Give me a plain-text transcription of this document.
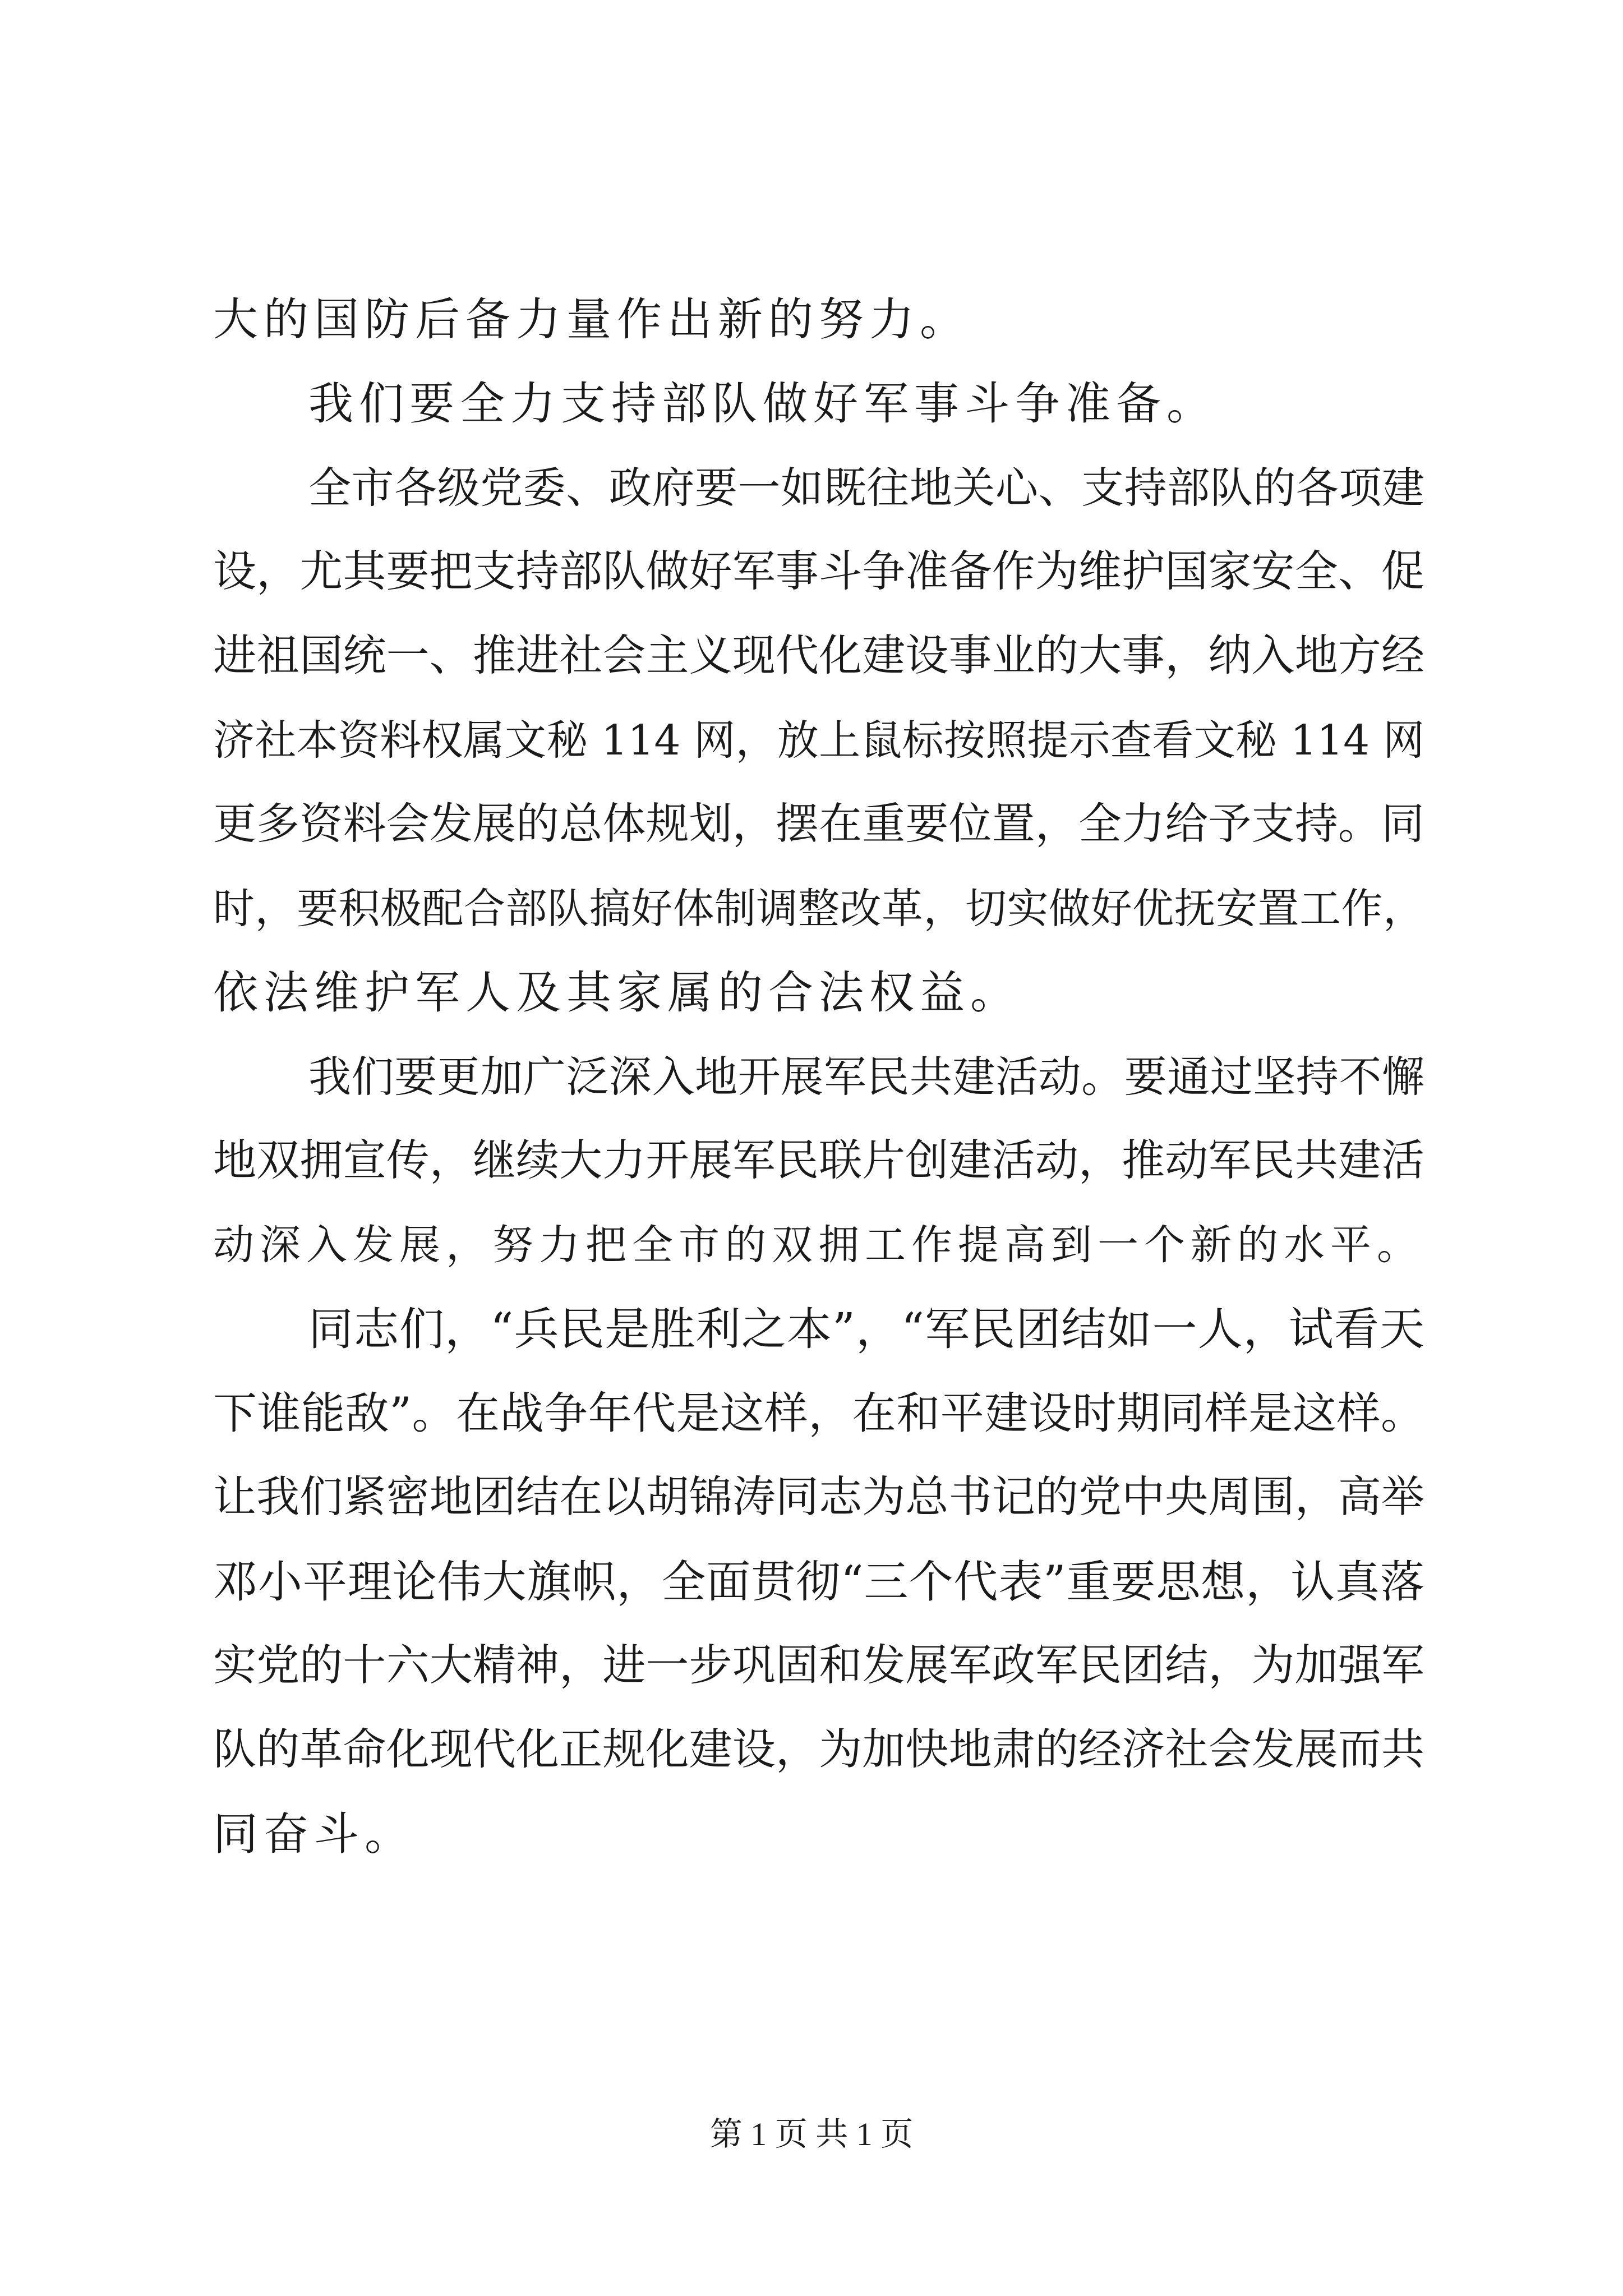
大的国防后备力量作出新的努力。
我们要全力支持部队做好军事斗争准备。
全市各级党委、政府要一如既往地关心、支持部队的各项建
设，尤其要把支持部队做好军事斗争准备作为维护国家安全、促
进祖国统一、推进社会主义现代化建设事业的大事，纳入地方经
济社本资料权属文秘 114 网，放上鼠标按照提示查看文秘 114 网
更多资料会发展的总体规划，摆在重要位置，全力给予支持。同
时，要积极配合部队搞好体制调整改革，切实做好优抚安置工作，
依法维护军人及其家属的合法权益。
我们要更加广泛深入地开展军民共建活动。要通过坚持不懈
地双拥宣传，继续大力开展军民联片创建活动，推动军民共建活
动深入发展，努力把全市的双拥工作提高到一个新的水平。
同志们，“兵民是胜利之本”，“军民团结如一人，试看天
下谁能敌”。在战争年代是这样，在和平建设时期同样是这样。
让我们紧密地团结在以胡锦涛同志为总书记的党中央周围，高举
邓小平理论伟大旗帜，全面贯彻“三个代表”重要思想，认真落
实党的十六大精神，进一步巩固和发展军政军民团结，为加强军
队的革命化现代化正规化建设，为加快地肃的经济社会发展而共
同奋斗。
第 1 页 共 1 页
